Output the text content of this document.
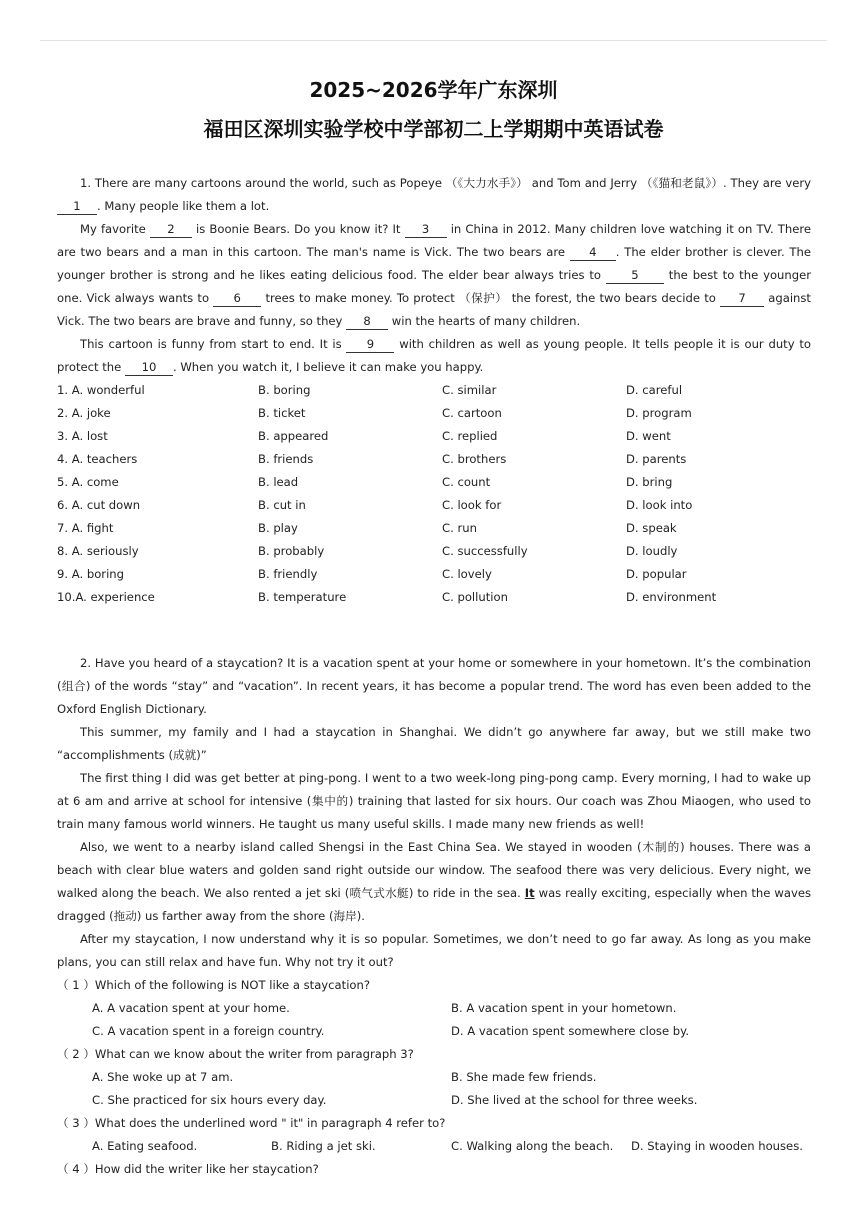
2025~2026学年广东深圳
福田区深圳实验学校中学部初二上学期期中英语试卷

1. There are many cartoons around the world, such as Popeye （《大力水手》） and Tom and Jerry （《猫和老鼠》）. They are very 1 . Many people like them a lot.

My favorite 2 is Boonie Bears. Do you know it? It 3 in China in 2012. Many children love watching it on TV. There are two bears and a man in this cartoon. The man's name is Vick. The two bears are 4 . The elder brother is clever. The younger brother is strong and he likes eating delicious food. The elder bear always tries to 5 the best to the younger one. Vick always wants to 6 trees to make money. To protect （保护） the forest, the two bears decide to 7 against Vick. The two bears are brave and funny, so they 8 win the hearts of many children.

This cartoon is funny from start to end. It is 9 with children as well as young people. It tells people it is our duty to protect the 10 . When you watch it, I believe it can make you happy.

1. A. wonderful	B. boring	C. similar	D. careful
2. A. joke	B. ticket	C. cartoon	D. program
3. A. lost	B. appeared	C. replied	D. went
4. A. teachers	B. friends	C. brothers	D. parents
5. A. come	B. lead	C. count	D. bring
6. A. cut down	B. cut in	C. look for	D. look into
7. A. fight	B. play	C. run	D. speak
8. A. seriously	B. probably	C. successfully	D. loudly
9. A. boring	B. friendly	C. lovely	D. popular
10.A. experience	B. temperature	C. pollution	D. environment

2. Have you heard of a staycation? It is a vacation spent at your home or somewhere in your hometown. It’s the combination (组合) of the words “stay” and “vacation”. In recent years, it has become a popular trend. The word has even been added to the Oxford English Dictionary.

This summer, my family and I had a staycation in Shanghai. We didn’t go anywhere far away, but we still make two “accomplishments (成就)”

The first thing I did was get better at ping-pong. I went to a two week-long ping-pong camp. Every morning, I had to wake up at 6 am and arrive at school for intensive (集中的) training that lasted for six hours. Our coach was Zhou Miaogen, who used to train many famous world winners. He taught us many useful skills. I made many new friends as well!

Also, we went to a nearby island called Shengsi in the East China Sea. We stayed in wooden (木制的) houses. There was a beach with clear blue waters and golden sand right outside our window. The seafood there was very delicious. Every night, we walked along the beach. We also rented a jet ski (喷气式水艇) to ride in the sea. It was really exciting, especially when the waves dragged (拖动) us farther away from the shore (海岸).

After my staycation, I now understand why it is so popular. Sometimes, we don’t need to go far away. As long as you make plans, you can still relax and have fun. Why not try it out?

（ 1 ）Which of the following is NOT like a staycation?
A. A vacation spent at your home.	B. A vacation spent in your hometown.
C. A vacation spent in a foreign country.	D. A vacation spent somewhere close by.
（ 2 ）What can we know about the writer from paragraph 3?
A. She woke up at 7 am.	B. She made few friends.
C. She practiced for six hours every day.	D. She lived at the school for three weeks.
（ 3 ）What does the underlined word " it" in paragraph 4 refer to?
A. Eating seafood.	B. Riding a jet ski.	C. Walking along the beach. D. Staying in wooden houses.
（ 4 ）How did the writer like her staycation?
